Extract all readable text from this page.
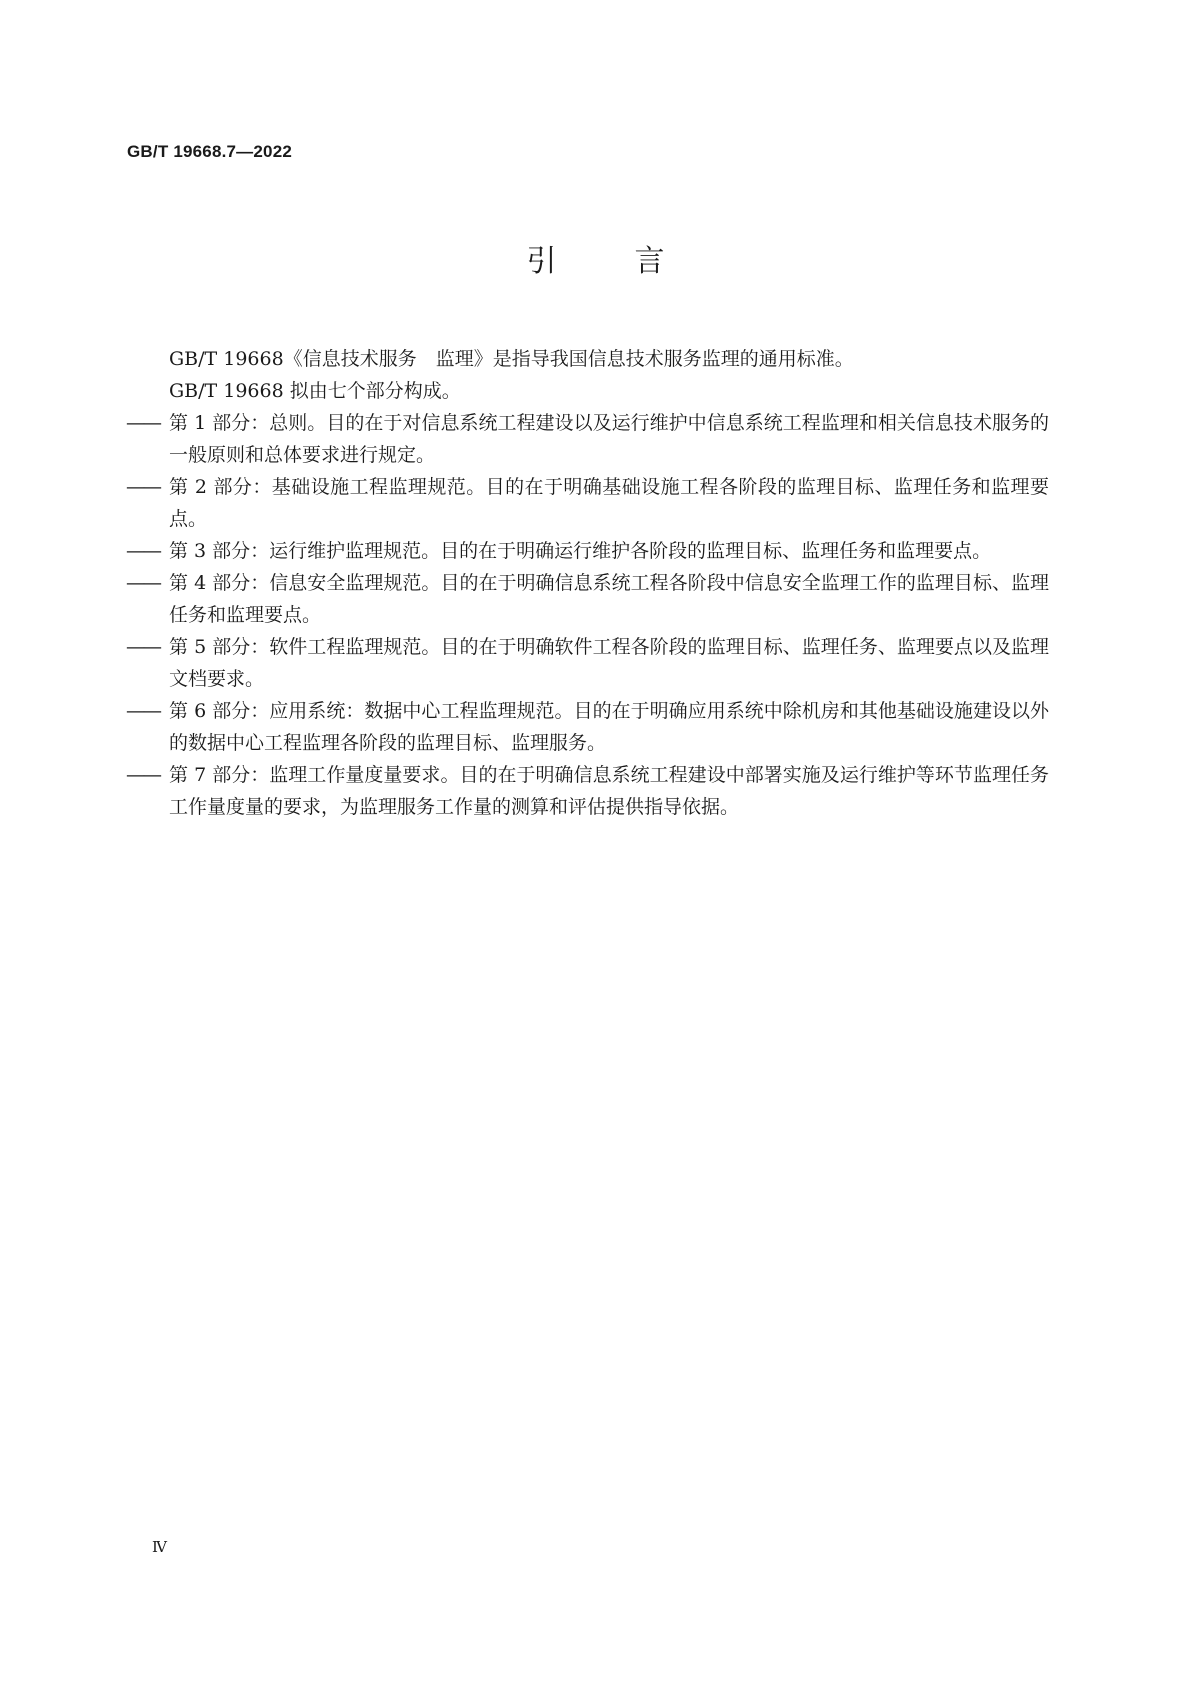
GB/T 19668.7—2022
引	言

GB/T 19668《信息技术服务　监理》是指导我国信息技术服务监理的通用标准。

GB/T 19668 拟由七个部分构成。

—— 第 1 部分：总则。目的在于对信息系统工程建设以及运行维护中信息系统工程监理和相关信息技术服务的一般原则和总体要求进行规定。

—— 第 2 部分：基础设施工程监理规范。目的在于明确基础设施工程各阶段的监理目标、监理任务和监理要点。

—— 第 3 部分：运行维护监理规范。目的在于明确运行维护各阶段的监理目标、监理任务和监理要点。

—— 第 4 部分：信息安全监理规范。目的在于明确信息系统工程各阶段中信息安全监理工作的监理目标、监理任务和监理要点。

—— 第 5 部分：软件工程监理规范。目的在于明确软件工程各阶段的监理目标、监理任务、监理要点以及监理文档要求。

—— 第 6 部分：应用系统：数据中心工程监理规范。目的在于明确应用系统中除机房和其他基础设施建设以外的数据中心工程监理各阶段的监理目标、监理服务。

—— 第 7 部分：监理工作量度量要求。目的在于明确信息系统工程建设中部署实施及运行维护等环节监理任务工作量度量的要求，为监理服务工作量的测算和评估提供指导依据。

Ⅳ
